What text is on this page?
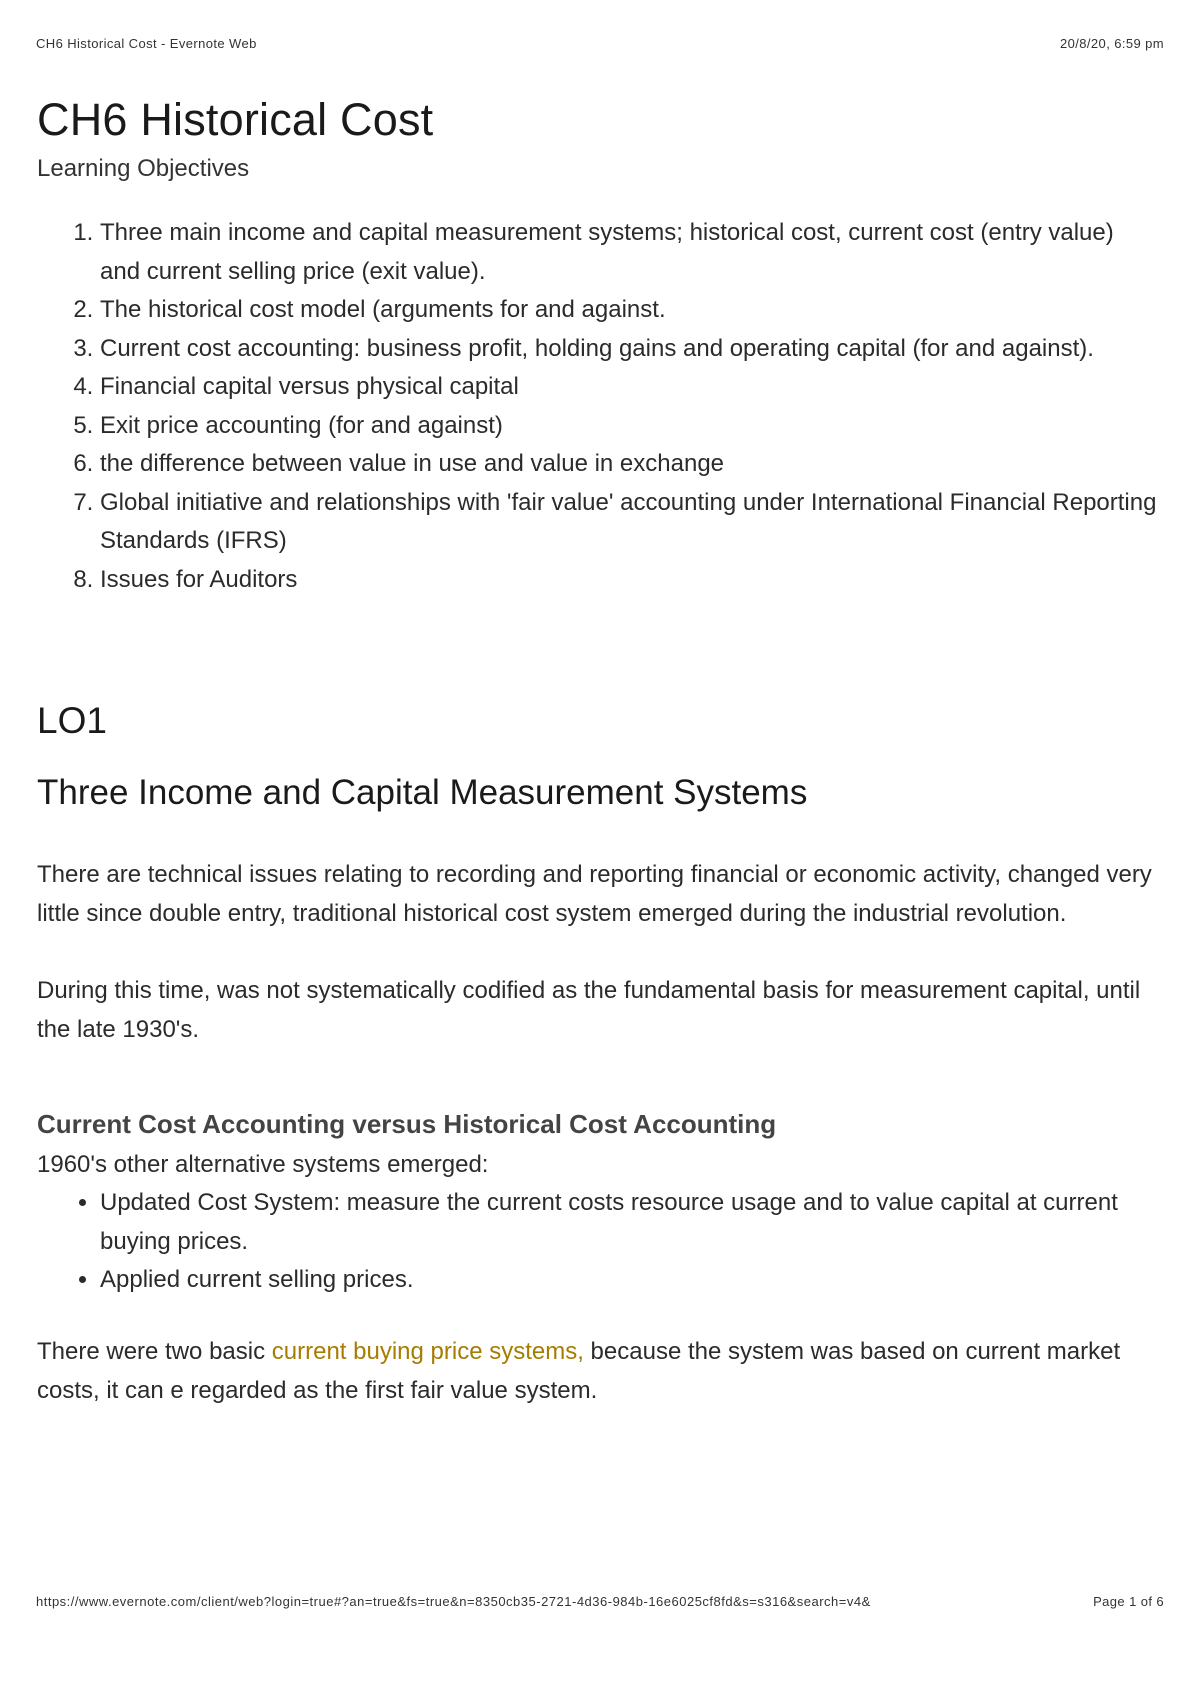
CH6 Historical Cost - Evernote Web	20/8/20, 6:59 pm
CH6 Historical Cost
Learning Objectives
1. Three main income and capital measurement systems; historical cost, current cost (entry value) and current selling price (exit value).
2. The historical cost model (arguments for and against.
3. Current cost accounting: business profit, holding gains and operating capital (for and against).
4. Financial capital versus physical capital
5. Exit price accounting (for and against)
6. the difference between value in use and value in exchange
7. Global initiative and relationships with 'fair value' accounting under International Financial Reporting Standards (IFRS)
8. Issues for Auditors
LO1
Three Income and Capital Measurement Systems

There are technical issues relating to recording and reporting financial or economic activity, changed very little since double entry, traditional historical cost system emerged during the industrial revolution.

During this time, was not systematically codified as the fundamental basis for measurement capital, until the late 1930's.

Current Cost Accounting versus Historical Cost Accounting

1960's other alternative systems emerged:

• Updated Cost System: measure the current costs resource usage and to value capital at current buying prices.
• Applied current selling prices.

There were two basic current buying price systems, because the system was based on current market costs, it can e regarded as the first fair value system.

https://www.evernote.com/client/web?login=true#?an=true&fs=true&n=8350cb35-2721-4d36-984b-16e6025cf8fd&s=s316&search=v4&	Page 1 of 6
